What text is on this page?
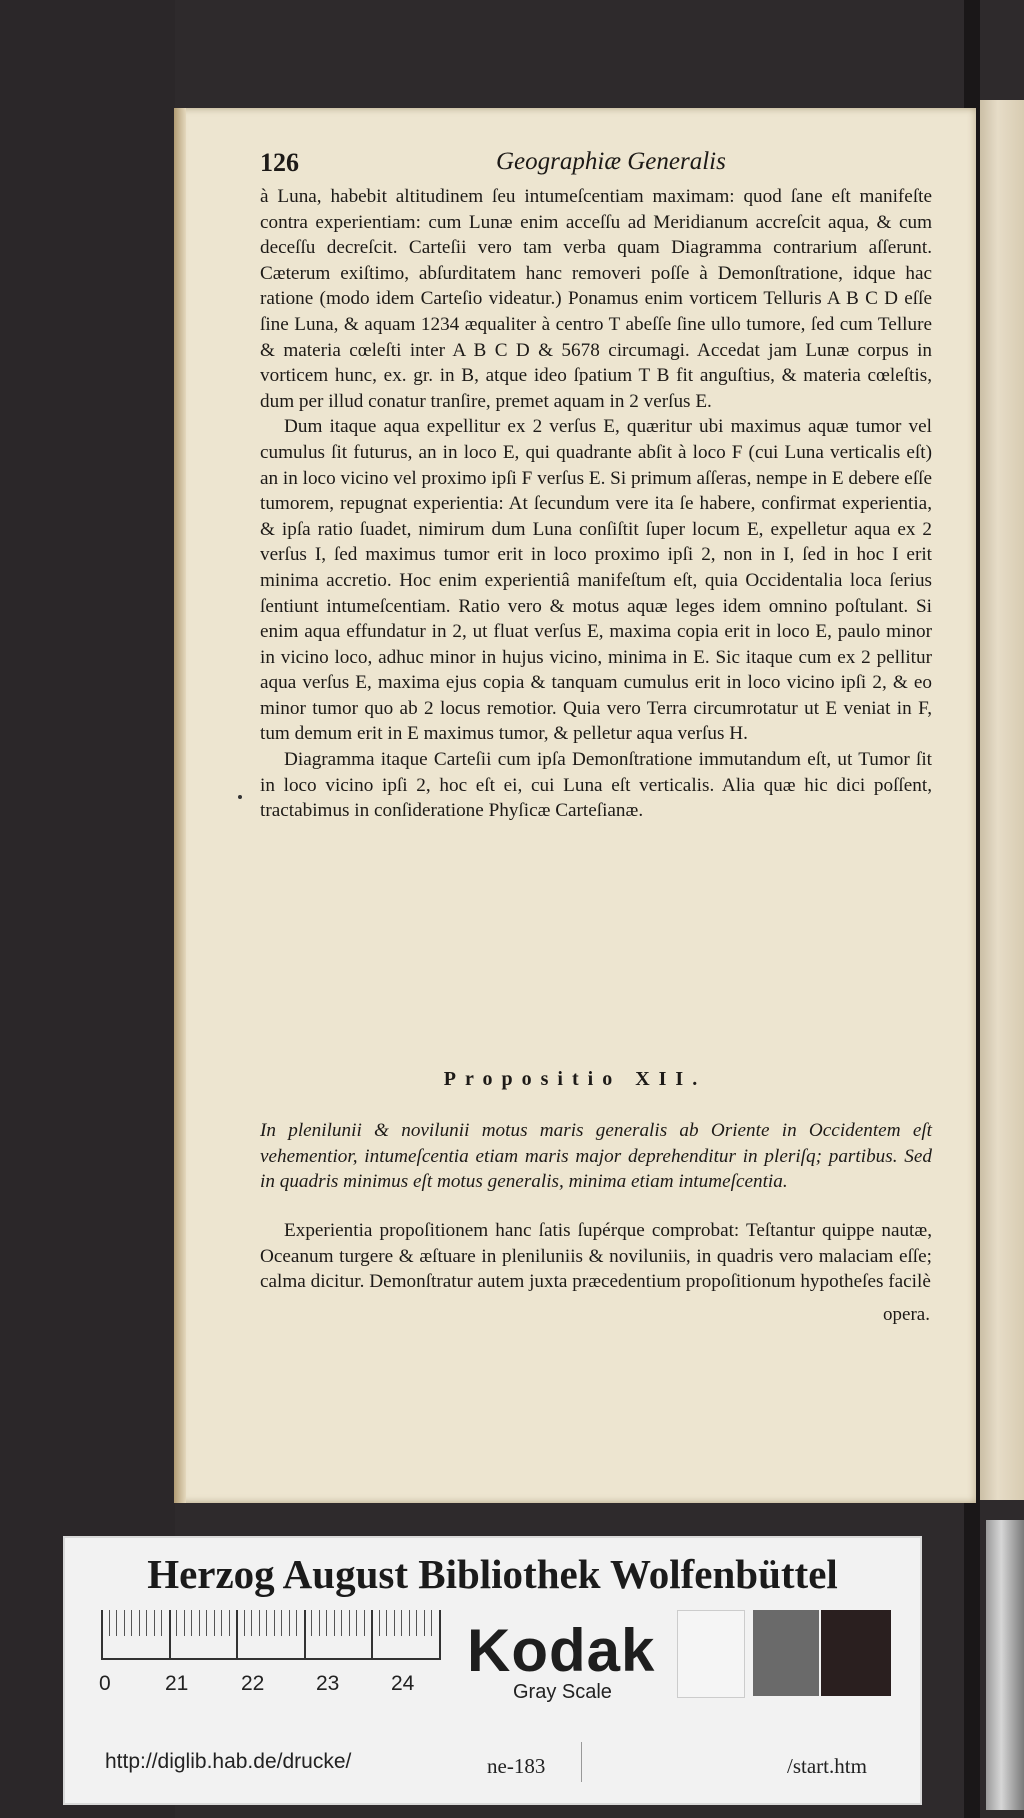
126	Geographiæ Generalis

à Luna, habebit altitudinem ſeu intumeſcentiam maximam: quod ſane eſt manifeſte contra experientiam: cum Lunæ enim acceſſu ad Meridianum accreſcit aqua, & cum deceſſu decreſcit. Carteſii vero tam verba quam Diagramma contrarium aſſerunt. Cæterum exiſtimo, abſurditatem hanc removeri poſſe à Demonſtratione, idque hac ratione (modo idem Carteſio videatur.) Ponamus enim vorticem Telluris A B C D eſſe ſine Luna, & aquam 1234 æqualiter à centro T abeſſe ſine ullo tumore, ſed cum Tellure & materia cœleſti inter A B C D & 5678 circumagi. Accedat jam Lunæ corpus in vorticem hunc, ex. gr. in B, atque ideo ſpatium T B fit anguſtius, & materia cœleſtis, dum per illud conatur tranſire, premet aquam in 2 verſus E.

Dum itaque aqua expellitur ex 2 verſus E, quæritur ubi maximus aquæ tumor vel cumulus ſit futurus, an in loco E, qui quadrante abſit à loco F (cui Luna verticalis eſt) an in loco vicino vel proximo ipſi F verſus E. Si primum aſſeras, nempe in E debere eſſe tumorem, repugnat experientia: At ſecundum vere ita ſe habere, confirmat experientia, & ipſa ratio ſuadet, nimirum dum Luna conſiſtit ſuper locum E, expelletur aqua ex 2 verſus I, ſed maximus tumor erit in loco proximo ipſi 2, non in I, ſed in hoc I erit minima accretio. Hoc enim experientiâ manifeſtum eſt, quia Occidentalia loca ſerius ſentiunt intumeſcentiam. Ratio vero & motus aquæ leges idem omnino poſtulant. Si enim aqua effundatur in 2, ut fluat verſus E, maxima copia erit in loco E, paulo minor in vicino loco, adhuc minor in hujus vicino, minima in E. Sic itaque cum ex 2 pellitur aqua verſus E, maxima ejus copia & tanquam cumulus erit in loco vicino ipſi 2, & eo minor tumor quo ab 2 locus remotior. Quia vero Terra circumrotatur ut E veniat in F, tum demum erit in E maximus tumor, & pelletur aqua verſus H.

Diagramma itaque Carteſii cum ipſa Demonſtratione immutandum eſt, ut Tumor ſit in loco vicino ipſi 2, hoc eſt ei, cui Luna eſt verticalis. Alia quæ hic dici poſſent, tractabimus in conſideratione Phyſicæ Carteſianæ.

Propositio XII.
In plenilunii & novilunii motus maris generalis ab Oriente in Occidentem eſt vehementior, intumeſcentia etiam maris major deprehenditur in pleriſq; partibus. Sed in quadris minimus eſt motus generalis, minima etiam intumeſcentia.

Experientia propoſitionem hanc ſatis ſupérque comprobat: Teſtantur quippe nautæ, Oceanum turgere & æſtuare in pleniluniis & noviluniis, in quadris vero malaciam eſſe; calma dicitur. Demonſtratur autem juxta præcedentium propoſitionum hypotheſes facilè

opera.
Herzog August Bibliothek Wolfenbüttel
0	21	22 23 24 Kodak
Gray Scale
http://diglib.hab.de/drucke/	ne-183	/start.htm
